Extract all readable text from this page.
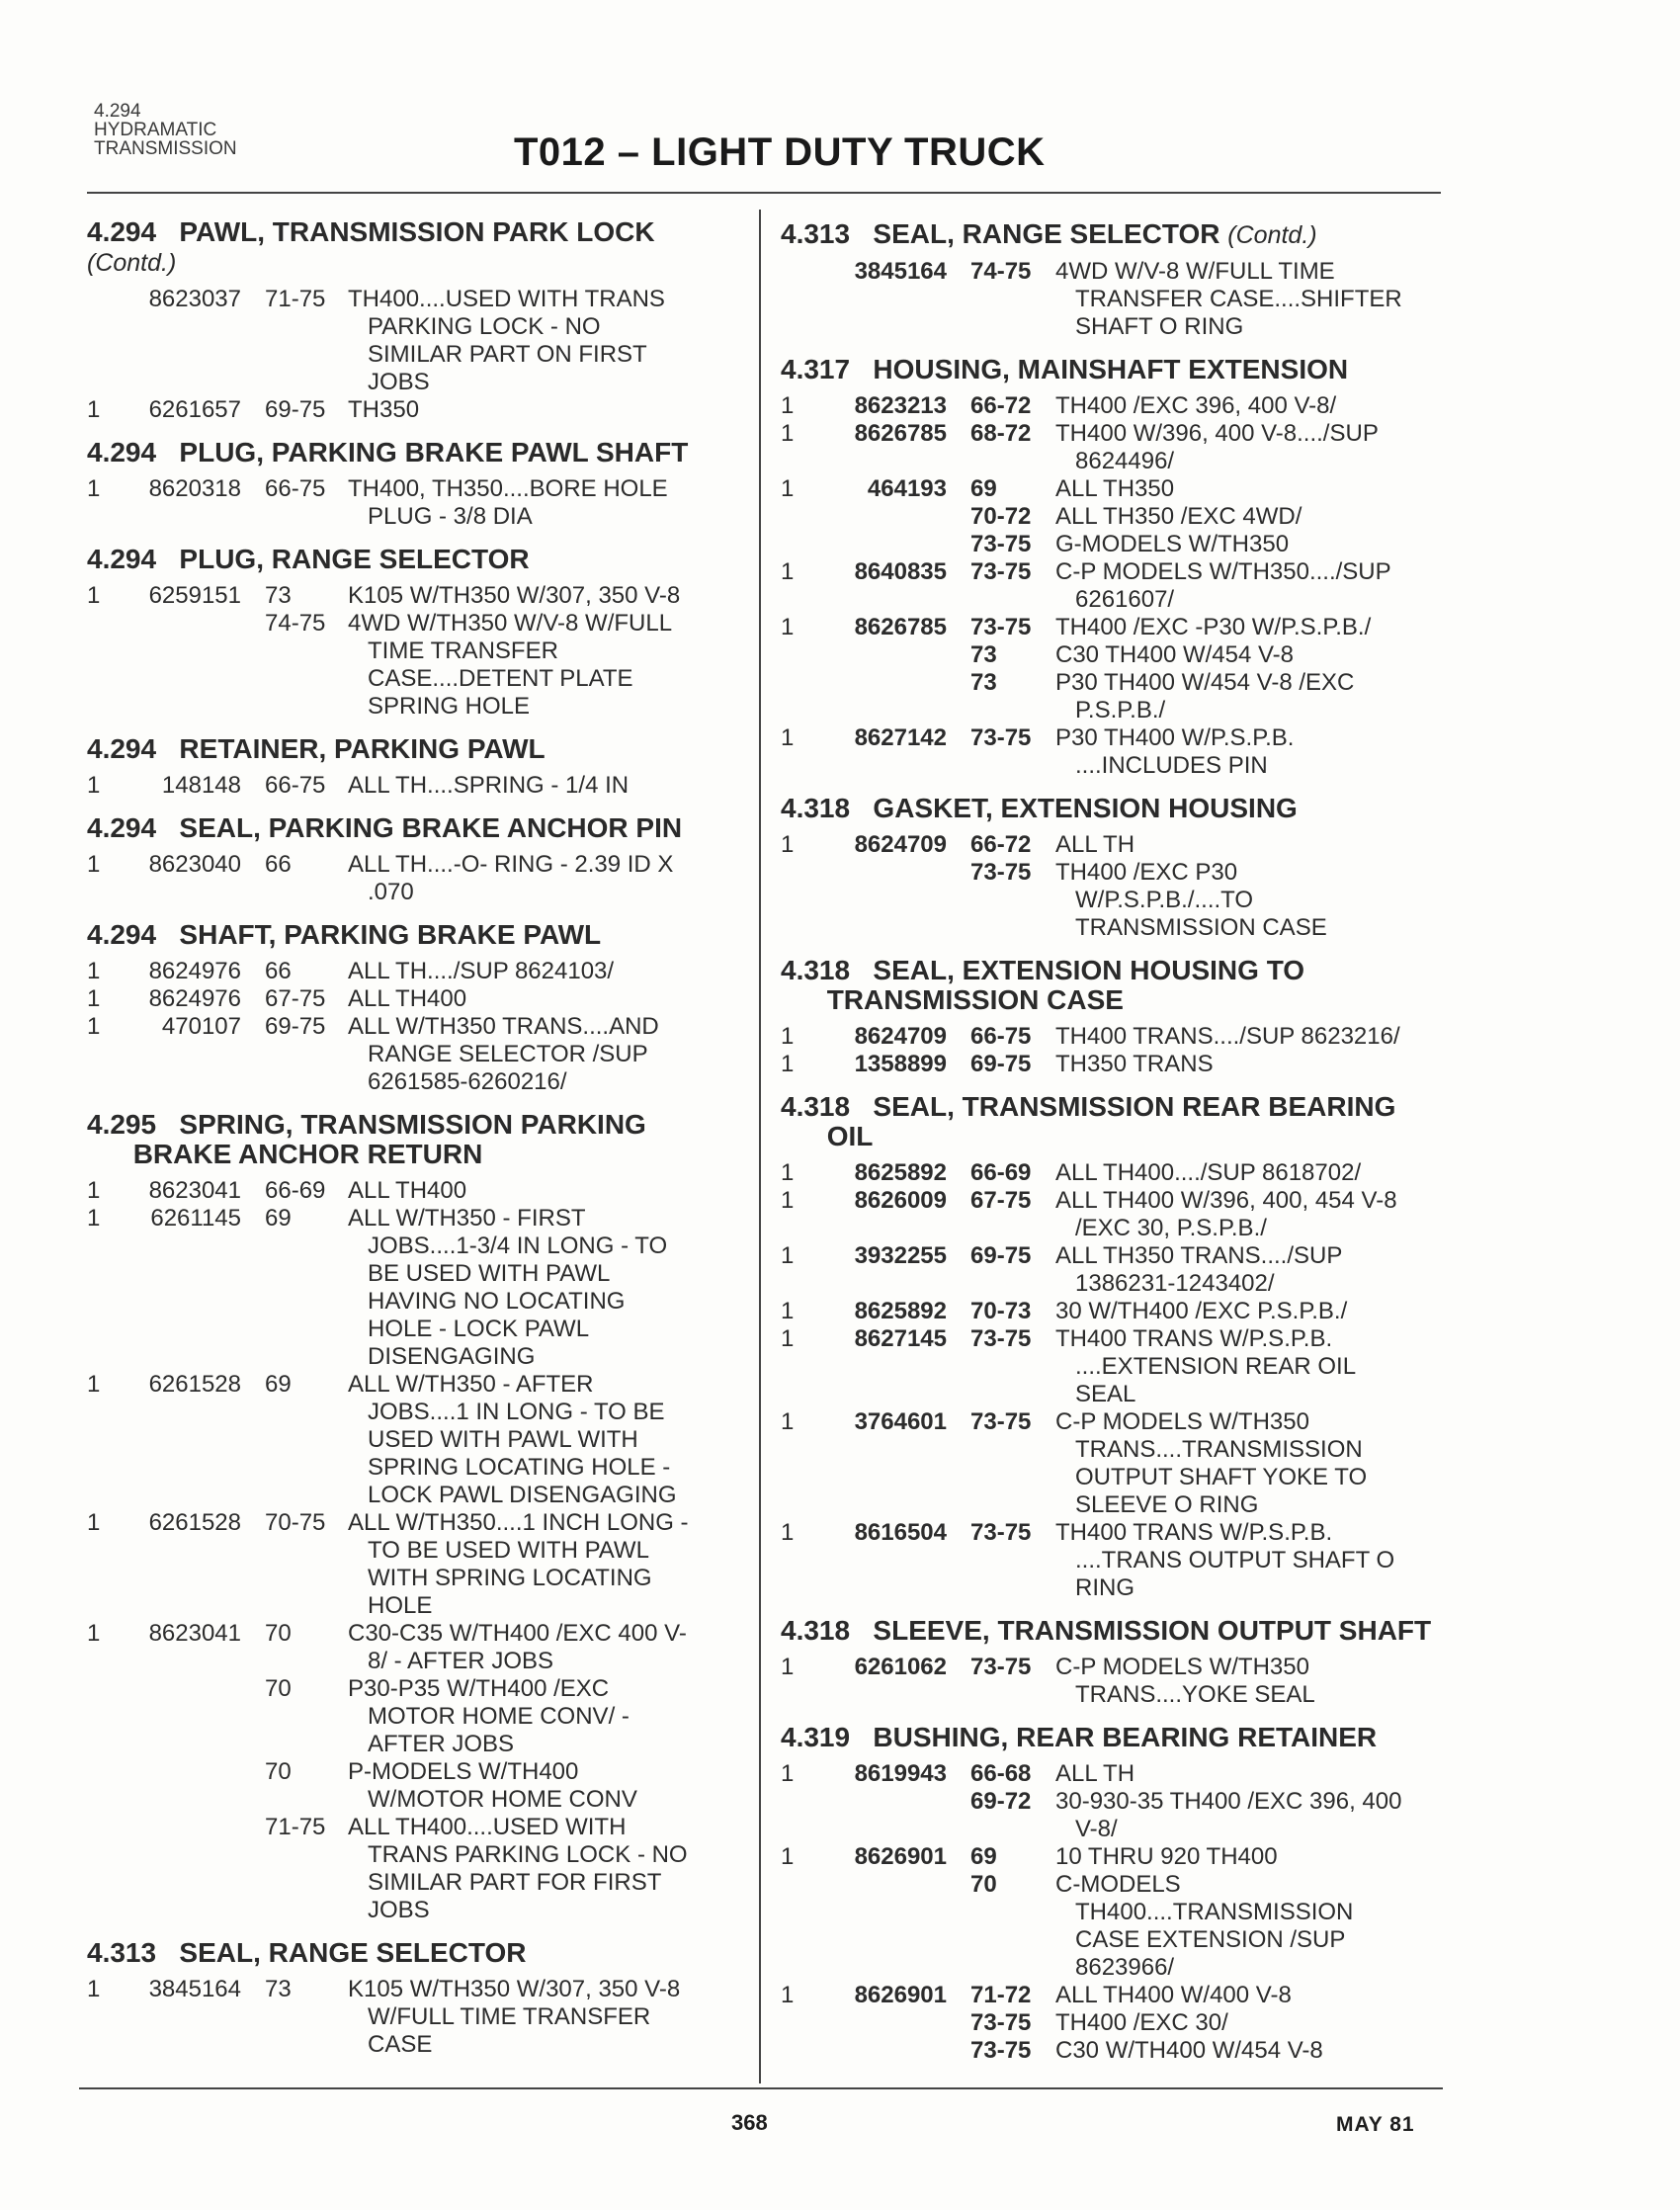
4.294
HYDRAMATIC
TRANSMISSION	T012 – LIGHT DUTY TRUCK
4.294 PAWL, TRANSMISSION PARK LOCK (Contd.)
8623037	71-75 TH400....USED WITH TRANS
PARKING LOCK - NO
SIMILAR PART ON FIRST
JOBS
1	6261657	69-75 TH350
4.294 PLUG, PARKING BRAKE PAWL SHAFT
1	8620318	66-75 TH400, TH350....BORE HOLE
PLUG - 3/8 DIA
4.294 PLUG, RANGE SELECTOR
1	6259151	73	K105 W/TH350 W/307, 350 V-8
74-75 4WD W/TH350 W/V-8 W/FULL
TIME TRANSFER
CASE....DETENT PLATE
SPRING HOLE
4.294 RETAINER, PARKING PAWL
1	148148	66-75 ALL TH....SPRING - 1/4 IN
4.294 SEAL, PARKING BRAKE ANCHOR PIN
1	8623040	66	ALL TH....-O- RING - 2.39 ID X
.070
4.294 SHAFT, PARKING BRAKE PAWL
1	8624976	66	ALL TH..../SUP 8624103/
1	8624976	67-75 ALL TH400
1	470107	69-75 ALL W/TH350 TRANS....AND
RANGE SELECTOR /SUP
6261585-6260216/
4.295 SPRING, TRANSMISSION PARKING
BRAKE ANCHOR RETURN
1	8623041	66-69 ALL TH400
1	6261145	69	ALL W/TH350 - FIRST
JOBS....1-3/4 IN LONG - TO
BE USED WITH PAWL
HAVING NO LOCATING
HOLE - LOCK PAWL
DISENGAGING
1	6261528	69	ALL W/TH350 - AFTER
JOBS....1 IN LONG - TO BE
USED WITH PAWL WITH
SPRING LOCATING HOLE -
LOCK PAWL DISENGAGING
1	6261528	70-75 ALL W/TH350....1 INCH LONG -
TO BE USED WITH PAWL
WITH SPRING LOCATING
HOLE
1	8623041	70	C30-C35 W/TH400 /EXC 400 V-
8/ - AFTER JOBS
70	P30-P35 W/TH400 /EXC
MOTOR HOME CONV/ -
AFTER JOBS
70	P-MODELS W/TH400
W/MOTOR HOME CONV
71-75 ALL TH400....USED WITH
TRANS PARKING LOCK - NO
SIMILAR PART FOR FIRST
JOBS
4.313 SEAL, RANGE SELECTOR
1	3845164	73	K105 W/TH350 W/307, 350 V-8
W/FULL TIME TRANSFER
CASE
4.313 SEAL, RANGE SELECTOR (Contd.)
3845164	74-75	4WD W/V-8 W/FULL TIME
TRANSFER CASE....SHIFTER
SHAFT O RING
4.317 HOUSING, MAINSHAFT EXTENSION
1	8623213	66-72	TH400 /EXC 396, 400 V-8/
1	8626785	68-72	TH400 W/396, 400 V-8..../SUP
8624496/
1	464193	69	ALL TH350
70-72	ALL TH350 /EXC 4WD/
73-75	G-MODELS W/TH350
1	8640835	73-75	C-P MODELS W/TH350..../SUP
6261607/
1	8626785	73-75	TH400 /EXC -P30 W/P.S.P.B./
73	C30 TH400 W/454 V-8
73	P30 TH400 W/454 V-8 /EXC
P.S.P.B./
1	8627142	73-75	P30 TH400 W/P.S.P.B.
....INCLUDES PIN
4.318 GASKET, EXTENSION HOUSING
1	8624709	66-72	ALL TH
73-75	TH400 /EXC P30
W/P.S.P.B./....TO
TRANSMISSION CASE
4.318 SEAL, EXTENSION HOUSING TO
TRANSMISSION CASE
1	8624709	66-75	TH400 TRANS..../SUP 8623216/
1	1358899	69-75	TH350 TRANS
4.318 SEAL, TRANSMISSION REAR BEARING
OIL
1	8625892	66-69	ALL TH400..../SUP 8618702/
1	8626009	67-75	ALL TH400 W/396, 400, 454 V-8
/EXC 30, P.S.P.B./
1	3932255	69-75	ALL TH350 TRANS..../SUP
1386231-1243402/
1	8625892	70-73	30 W/TH400 /EXC P.S.P.B./
1	8627145	73-75	TH400 TRANS W/P.S.P.B.
....EXTENSION REAR OIL
SEAL
1	3764601	73-75	C-P MODELS W/TH350
TRANS....TRANSMISSION
OUTPUT SHAFT YOKE TO
SLEEVE O RING
1	8616504	73-75	TH400 TRANS W/P.S.P.B.
....TRANS OUTPUT SHAFT O
RING
4.318 SLEEVE, TRANSMISSION OUTPUT SHAFT
1	6261062	73-75	C-P MODELS W/TH350
TRANS....YOKE SEAL
4.319 BUSHING, REAR BEARING RETAINER
1	8619943	66-68	ALL TH
69-72	30-930-35 TH400 /EXC 396, 400
V-8/
1	8626901	69	10 THRU 920 TH400
70	C-MODELS
TH400....TRANSMISSION
CASE EXTENSION /SUP
8623966/
1	8626901	71-72	ALL TH400 W/400 V-8
73-75	TH400 /EXC 30/
73-75	C30 W/TH400 W/454 V-8
368	MAY 81
